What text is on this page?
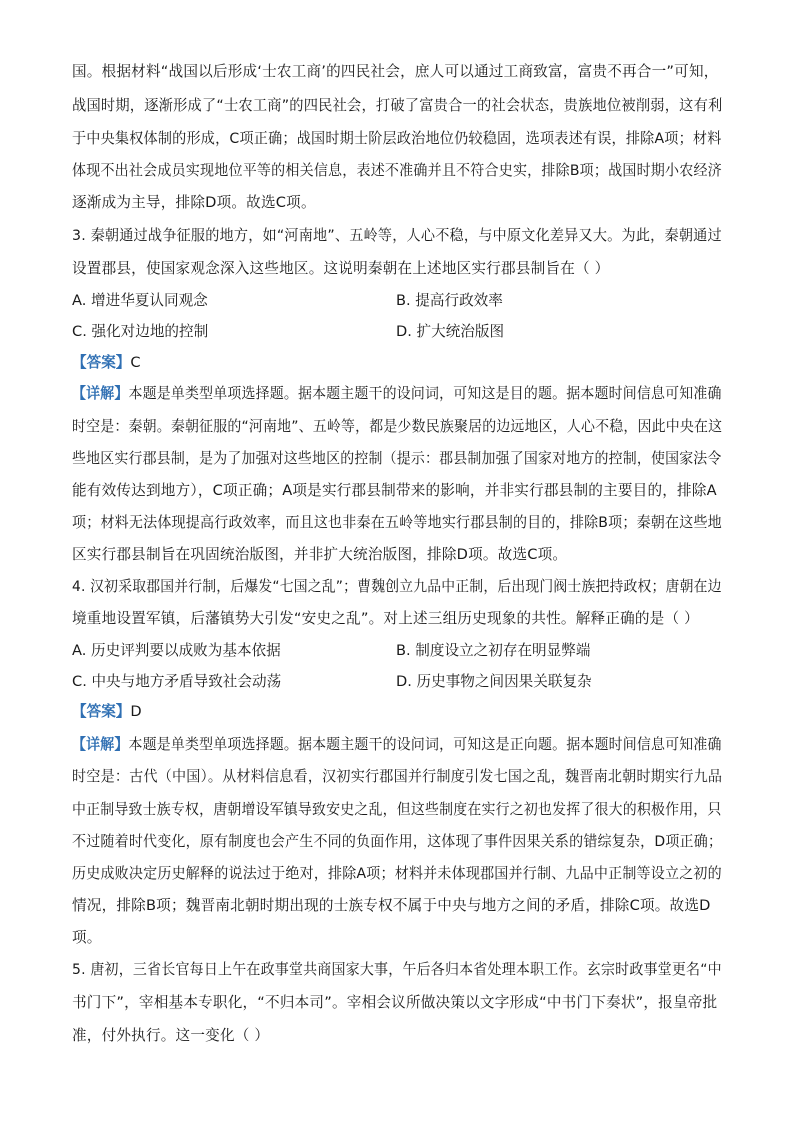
国。根据材料“战国以后形成‘士农工商’的四民社会，庶人可以通过工商致富，富贵不再合一”可知，
战国时期，逐渐形成了“士农工商”的四民社会，打破了富贵合一的社会状态，贵族地位被削弱，这有利
于中央集权体制的形成，C项正确；战国时期士阶层政治地位仍较稳固，选项表述有误，排除A项；材料
体现不出社会成员实现地位平等的相关信息，表述不准确并且不符合史实，排除B项；战国时期小农经济
逐渐成为主导，排除D项。故选C项。
3. 秦朝通过战争征服的地方，如“河南地”、五岭等，人心不稳，与中原文化差异又大。为此，秦朝通过
设置郡县，使国家观念深入这些地区。这说明秦朝在上述地区实行郡县制旨在（ ）
A. 增进华夏认同观念	B. 提高行政效率
C. 强化对边地的控制	D. 扩大统治版图
【答案】C
【详解】本题是单类型单项选择题。据本题主题干的设问词，可知这是目的题。据本题时间信息可知准确
时空是：秦朝。秦朝征服的“河南地”、五岭等，都是少数民族聚居的边远地区，人心不稳，因此中央在这
些地区实行郡县制，是为了加强对这些地区的控制（提示：郡县制加强了国家对地方的控制，使国家法令
能有效传达到地方），C项正确；A项是实行郡县制带来的影响，并非实行郡县制的主要目的，排除A
项；材料无法体现提高行政效率，而且这也非秦在五岭等地实行郡县制的目的，排除B项；秦朝在这些地
区实行郡县制旨在巩固统治版图，并非扩大统治版图，排除D项。故选C项。
4. 汉初采取郡国并行制，后爆发“七国之乱”；曹魏创立九品中正制，后出现门阀士族把持政权；唐朝在边
境重地设置军镇，后藩镇势大引发“安史之乱”。对上述三组历史现象的共性。解释正确的是（ ）
A. 历史评判要以成败为基本依据	B. 制度设立之初存在明显弊端
C. 中央与地方矛盾导致社会动荡	D. 历史事物之间因果关联复杂
【答案】D
【详解】本题是单类型单项选择题。据本题主题干的设问词，可知这是正向题。据本题时间信息可知准确
时空是：古代（中国）。从材料信息看，汉初实行郡国并行制度引发七国之乱，魏晋南北朝时期实行九品
中正制导致士族专权，唐朝增设军镇导致安史之乱，但这些制度在实行之初也发挥了很大的积极作用，只
不过随着时代变化，原有制度也会产生不同的负面作用，这体现了事件因果关系的错综复杂，D项正确；
历史成败决定历史解释的说法过于绝对，排除A项；材料并未体现郡国并行制、九品中正制等设立之初的
情况，排除B项；魏晋南北朝时期出现的士族专权不属于中央与地方之间的矛盾，排除C项。故选D
项。
5. 唐初，三省长官每日上午在政事堂共商国家大事，午后各归本省处理本职工作。玄宗时政事堂更名“中
书门下”，宰相基本专职化，“不归本司”。宰相会议所做决策以文字形成“中书门下奏状”，报皇帝批
准，付外执行。这一变化（ ）
